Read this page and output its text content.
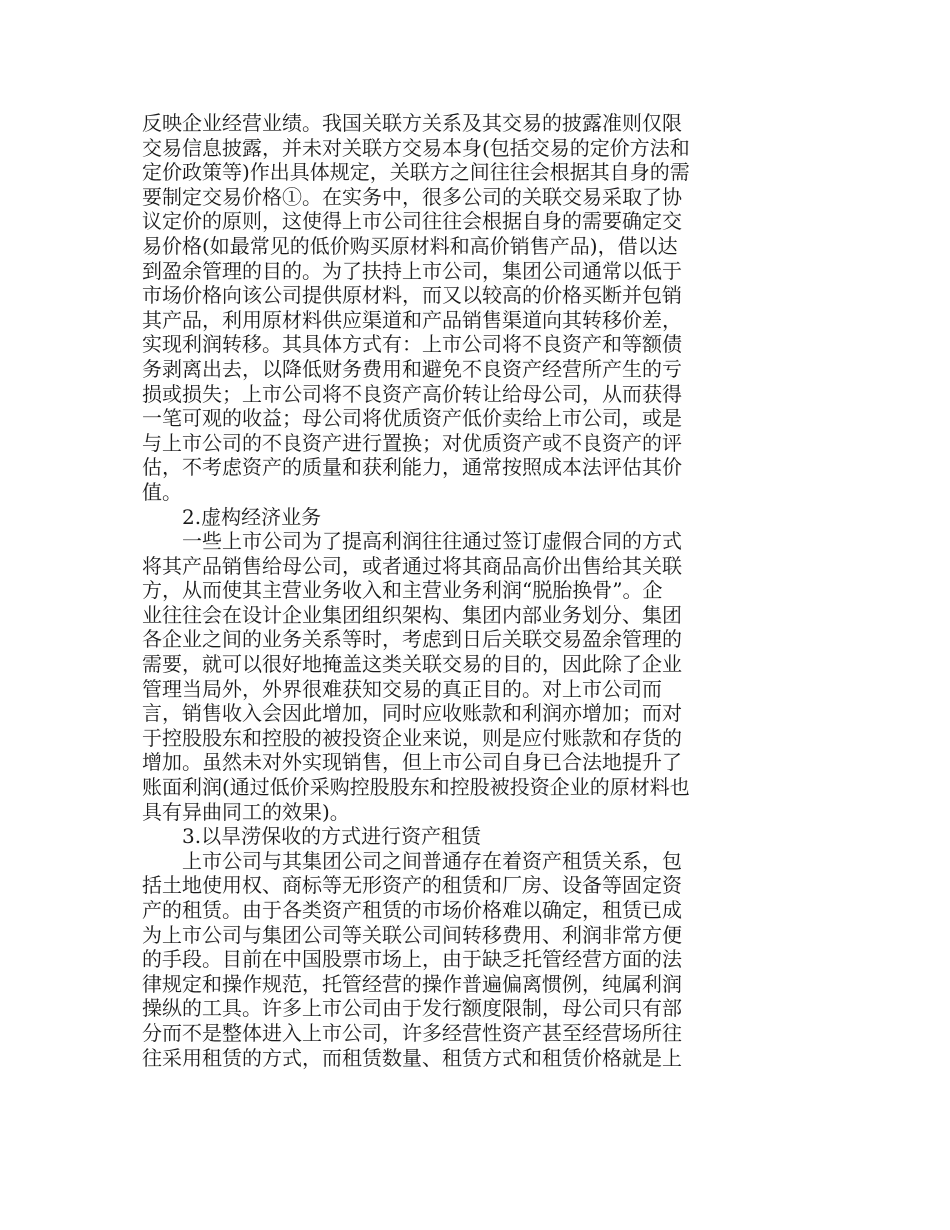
反映企业经营业绩。我国关联方关系及其交易的披露准则仅限
交易信息披露，并未对关联方交易本身(包括交易的定价方法和
定价政策等)作出具体规定，关联方之间往往会根据其自身的需
要制定交易价格①。在实务中，很多公司的关联交易采取了协
议定价的原则，这使得上市公司往往会根据自身的需要确定交
易价格(如最常见的低价购买原材料和高价销售产品)，借以达
到盈余管理的目的。为了扶持上市公司，集团公司通常以低于
市场价格向该公司提供原材料，而又以较高的价格买断并包销
其产品，利用原材料供应渠道和产品销售渠道向其转移价差，
实现利润转移。其具体方式有：上市公司将不良资产和等额债
务剥离出去，以降低财务费用和避免不良资产经营所产生的亏
损或损失；上市公司将不良资产高价转让给母公司，从而获得
一笔可观的收益；母公司将优质资产低价卖给上市公司，或是
与上市公司的不良资产进行置换；对优质资产或不良资产的评
估，不考虑资产的质量和获利能力，通常按照成本法评估其价
值。
2.虚构经济业务
一些上市公司为了提高利润往往通过签订虚假合同的方式
将其产品销售给母公司，或者通过将其商品高价出售给其关联
方，从而使其主营业务收入和主营业务利润“脱胎换骨”。企
业往往会在设计企业集团组织架构、集团内部业务划分、集团
各企业之间的业务关系等时，考虑到日后关联交易盈余管理的
需要，就可以很好地掩盖这类关联交易的目的，因此除了企业
管理当局外，外界很难获知交易的真正目的。对上市公司而
言，销售收入会因此增加，同时应收账款和利润亦增加；而对
于控股股东和控股的被投资企业来说，则是应付账款和存货的
增加。虽然未对外实现销售，但上市公司自身已合法地提升了
账面利润(通过低价采购控股股东和控股被投资企业的原材料也
具有异曲同工的效果)。
3.以旱涝保收的方式进行资产租赁
上市公司与其集团公司之间普通存在着资产租赁关系，包
括土地使用权、商标等无形资产的租赁和厂房、设备等固定资
产的租赁。由于各类资产租赁的市场价格难以确定，租赁已成
为上市公司与集团公司等关联公司间转移费用、利润非常方便
的手段。目前在中国股票市场上，由于缺乏托管经营方面的法
律规定和操作规范，托管经营的操作普遍偏离惯例，纯属利润
操纵的工具。许多上市公司由于发行额度限制，母公司只有部
分而不是整体进入上市公司，许多经营性资产甚至经营场所往
往采用租赁的方式，而租赁数量、租赁方式和租赁价格就是上
